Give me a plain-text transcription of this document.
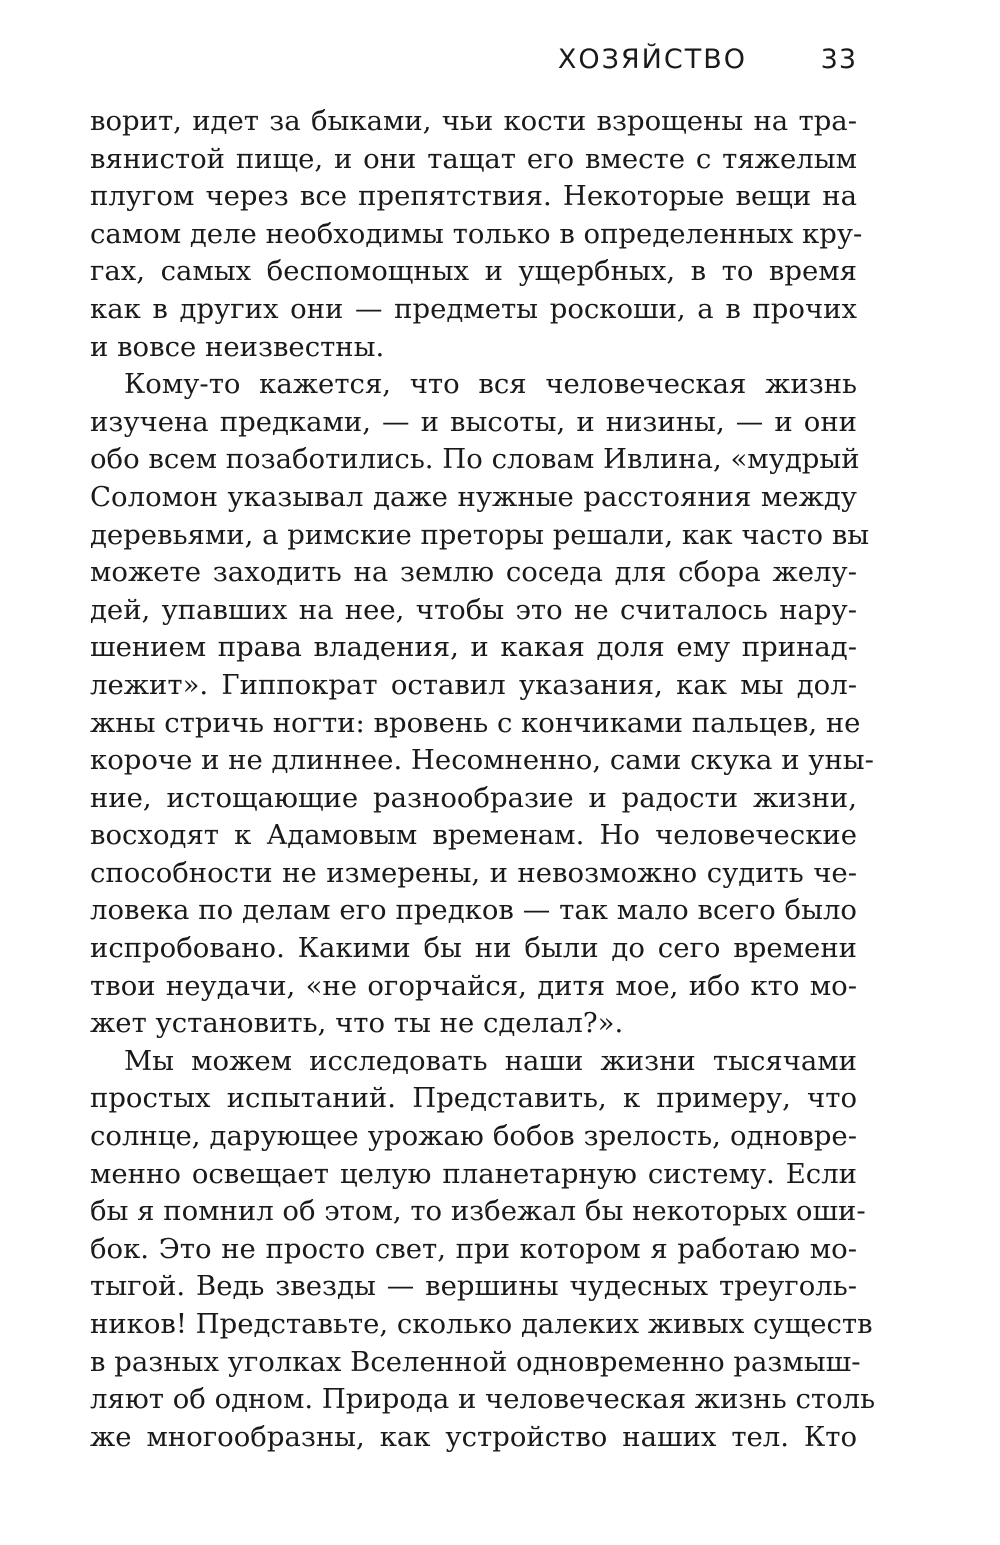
ХОЗЯЙСТВО	33
ворит, идет за быками, чьи кости взрощены на тра-
вянистой пище, и они тащат его вместе с тяжелым
плугом через все препятствия. Некоторые вещи на
самом деле необходимы только в определенных кру-
гах, самых беспомощных и ущербных, в то время
как в других они — предметы роскоши, а в прочих
и вовсе неизвестны.
Кому-то кажется, что вся человеческая жизнь
изучена предками, — и высоты, и низины, — и они
обо всем позаботились. По словам Ивлина, «мудрый
Соломон указывал даже нужные расстояния между
деревьями, а римские преторы решали, как часто вы
можете заходить на землю соседа для сбора желу-
дей, упавших на нее, чтобы это не считалось нару-
шением права владения, и какая доля ему принад-
лежит». Гиппократ оставил указания, как мы дол-
жны стричь ногти: вровень с кончиками пальцев, не
короче и не длиннее. Несомненно, сами скука и уны-
ние, истощающие разнообразие и радости жизни,
восходят к Адамовым временам. Но человеческие
способности не измерены, и невозможно судить че-
ловека по делам его предков — так мало всего было
испробовано. Какими бы ни были до сего времени
твои неудачи, «не огорчайся, дитя мое, ибо кто мо-
жет установить, что ты не сделал?».
Мы можем исследовать наши жизни тысячами
простых испытаний. Представить, к примеру, что
солнце, дарующее урожаю бобов зрелость, одновре-
менно освещает целую планетарную систему. Если
бы я помнил об этом, то избежал бы некоторых оши-
бок. Это не просто свет, при котором я работаю мо-
тыгой. Ведь звезды — вершины чудесных треуголь-
ников! Представьте, сколько далеких живых существ
в разных уголках Вселенной одновременно размыш-
ляют об одном. Природа и человеческая жизнь столь
же многообразны, как устройство наших тел. Кто
